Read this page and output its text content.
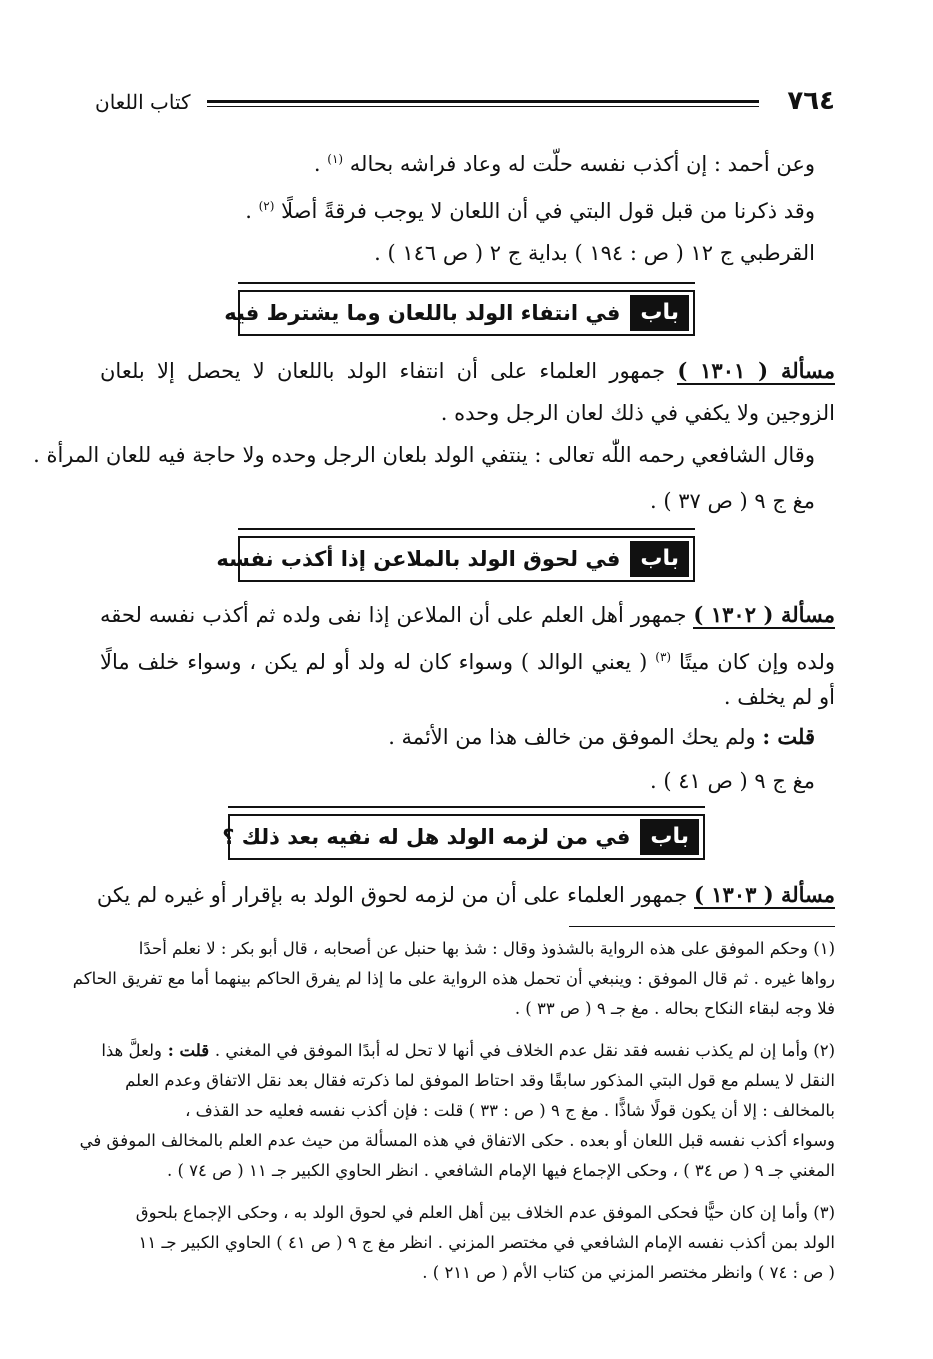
٧٦٤
كتاب اللعان
وعن أحمد : إن أكذب نفسه حلّت له وعاد فراشه بحاله $^{(١)}$ .
وقد ذكرنا من قبل قول البتي في أن اللعان لا يوجب فرقةً أصلًا $^{(٢)}$ .
القرطبي ج ١٢ ( ص : ١٩٤ ) بداية ج ٢ ( ص ١٤٦ ) .
باب
في انتفاء الولد باللعان وما يشترط فيه
مسألة ( ١٣٠١ ) جمهور العلماء على أن انتفاء الولد باللعان لا يحصل إلا بلعان
الزوجين ولا يكفي في ذلك لعان الرجل وحده .
وقال الشافعي رحمه اللّٰه تعالى : ينتفي الولد بلعان الرجل وحده ولا حاجة فيه للعان المرأة .
مغ ج ٩ ( ص ٣٧ ) .
باب
في لحوق الولد بالملاعن إذا أكذب نفسه
مسألة ( ١٣٠٢ ) جمهور أهل العلم على أن الملاعن إذا نفى ولده ثم أكذب نفسه لحقه
ولده وإن كان ميتًا $^{(٣)}$ ( يعني الوالد ) وسواء كان له ولد أو لم يكن ، وسواء خلف مالًا
أو لم يخلف .
قلت : ولم يحك الموفق من خالف هذا من الأئمة .
مغ ج ٩ ( ص ٤١ ) .
باب
في من لزمه الولد هل له نفيه بعد ذلك ؟
مسألة ( ١٣٠٣ ) جمهور العلماء على أن من لزمه لحوق الولد به بإقرار أو غيره لم يكن
(١) وحكم الموفق على هذه الرواية بالشذوذ وقال : شذ بها حنبل عن أصحابه ، قال أبو بكر : لا نعلم أحدًا
رواها غيره . ثم قال الموفق : وينبغي أن تحمل هذه الرواية على ما إذا لم يفرق الحاكم بينهما أما مع تفريق الحاكم
فلا وجه لبقاء النكاح بحاله . مغ جـ ٩ ( ص ٣٣ ) .
(٢) وأما إن لم يكذب نفسه فقد نقل عدم الخلاف في أنها لا تحل له أبدًا الموفق في المغني . قلت : ولعلَّ هذا
النقل لا يسلم مع قول البتي المذكور سابقًا وقد احتاط الموفق لما ذكرته فقال بعد نقل الاتفاق وعدم العلم
بالمخالف : إلا أن يكون قولًا شاذًّا . مغ ج ٩ ( ص : ٣٣ ) قلت : فإن أكذب نفسه فعليه حد القذف ،
وسواء أكذب نفسه قبل اللعان أو بعده . حكى الاتفاق في هذه المسألة من حيث عدم العلم بالمخالف الموفق في
المغني جـ ٩ ( ص ٣٤ ) ، وحكى الإجماع فيها الإمام الشافعي . انظر الحاوي الكبير جـ ١١ ( ص ٧٤ ) .
(٣) وأما إن كان حيًّا فحكى الموفق عدم الخلاف بين أهل العلم في لحوق الولد به ، وحكى الإجماع بلحوق
الولد بمن أكذب نفسه الإمام الشافعي في مختصر المزني . انظر مغ ج ٩ ( ص ٤١ ) الحاوي الكبير جـ ١١
( ص : ٧٤ ) وانظر مختصر المزني من كتاب الأم ( ص ٢١١ ) .
